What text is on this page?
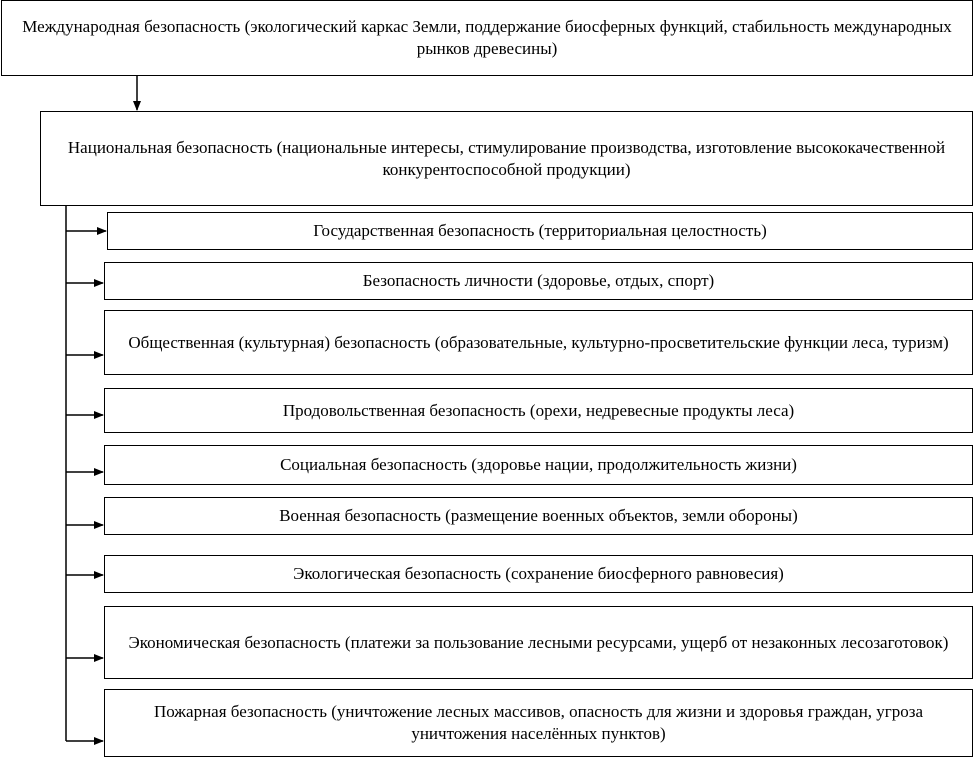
Международная безопасность (экологический каркас Земли, поддержание биосферных функций, стабильность международных рынков древесины)
Национальная безопасность (национальные интересы, стимулирование производства, изготовление высококачественной конкурентоспособной продукции)
Государственная безопасность (территориальная целостность)
Безопасность личности (здоровье, отдых, спорт)
Общественная (культурная) безопасность (образовательные, культурно-просветительские функции леса, туризм)
Продовольственная безопасность (орехи, недревесные продукты леса)
Социальная безопасность (здоровье нации, продолжительность жизни)
Военная безопасность (размещение военных объектов, земли обороны)
Экологическая безопасность (сохранение биосферного равновесия)
Экономическая безопасность (платежи за пользование лесными ресурсами, ущерб от незаконных лесозаготовок)
Пожарная безопасность (уничтожение лесных массивов, опасность для жизни и здоровья граждан, угроза уничтожения населённых пунктов)
